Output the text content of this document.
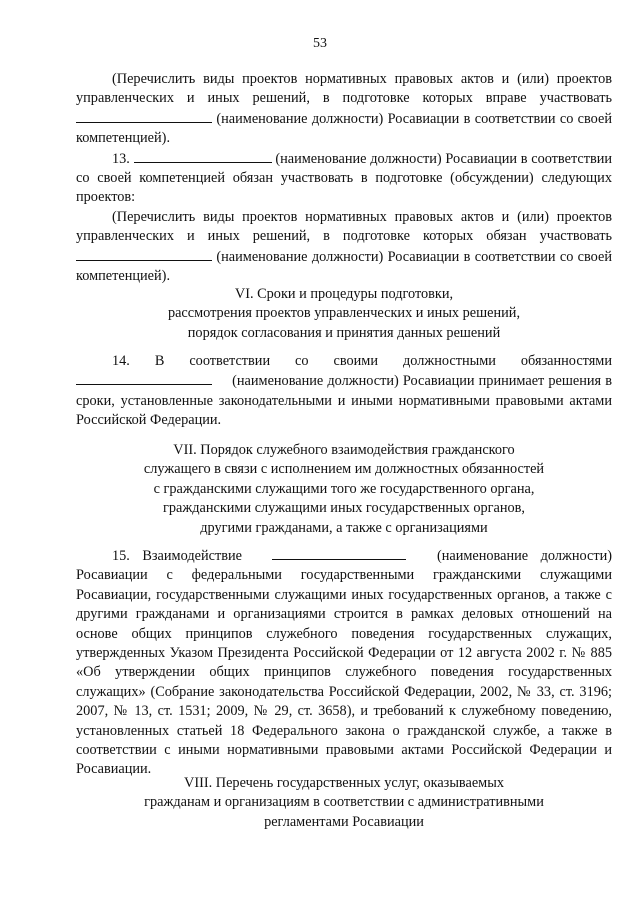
53

(Перечислить виды проектов нормативных правовых актов и (или) проектов управленческих и иных решений, в подготовке которых вправе участвовать  (наименование должности) Росавиации в соответствии со своей компетенцией).

13.	(наименование должности) Росавиации в соответствии со своей компетенцией обязан участвовать в подготовке (обсуждении) следующих проектов:

(Перечислить виды проектов нормативных правовых актов и (или) проектов управленческих и иных решений, в подготовке которых обязан участвовать  (наименование должности) Росавиации в соответствии со своей компетенцией).

VI. Сроки и процедуры подготовки,
рассмотрения проектов управленческих и иных решений,
порядок согласования и принятия данных решений

14. В соответствии со своими должностными обязанностями  (наименование должности) Росавиации принимает решения в сроки, установленные законодательными и иными нормативными правовыми актами Российской Федерации.

VII. Порядок служебного взаимодействия гражданского
служащего в связи с исполнением им должностных обязанностей
с гражданскими служащими того же государственного органа,
гражданскими служащими иных государственных органов,
другими гражданами, а также с организациями

15. Взаимодействие	(наименование должности) Росавиации с федеральными государственными гражданскими служащими Росавиации, государственными служащими иных государственных органов, а также с другими гражданами и организациями строится в рамках деловых отношений на основе общих принципов служебного поведения государственных служащих, утвержденных Указом Президента Российской Федерации от 12 августа 2002 г. № 885 «Об утверждении общих принципов служебного поведения государственных служащих» (Собрание законодательства Российской Федерации, 2002, № 33, ст. 3196; 2007, № 13, ст. 1531; 2009, № 29, ст. 3658), и требований к служебному поведению, установленных статьей 18 Федерального закона о гражданской службе, а также в соответствии с иными нормативными правовыми актами Российской Федерации и Росавиации.

VIII. Перечень государственных услуг, оказываемых
гражданам и организациям в соответствии с административными
регламентами Росавиации
